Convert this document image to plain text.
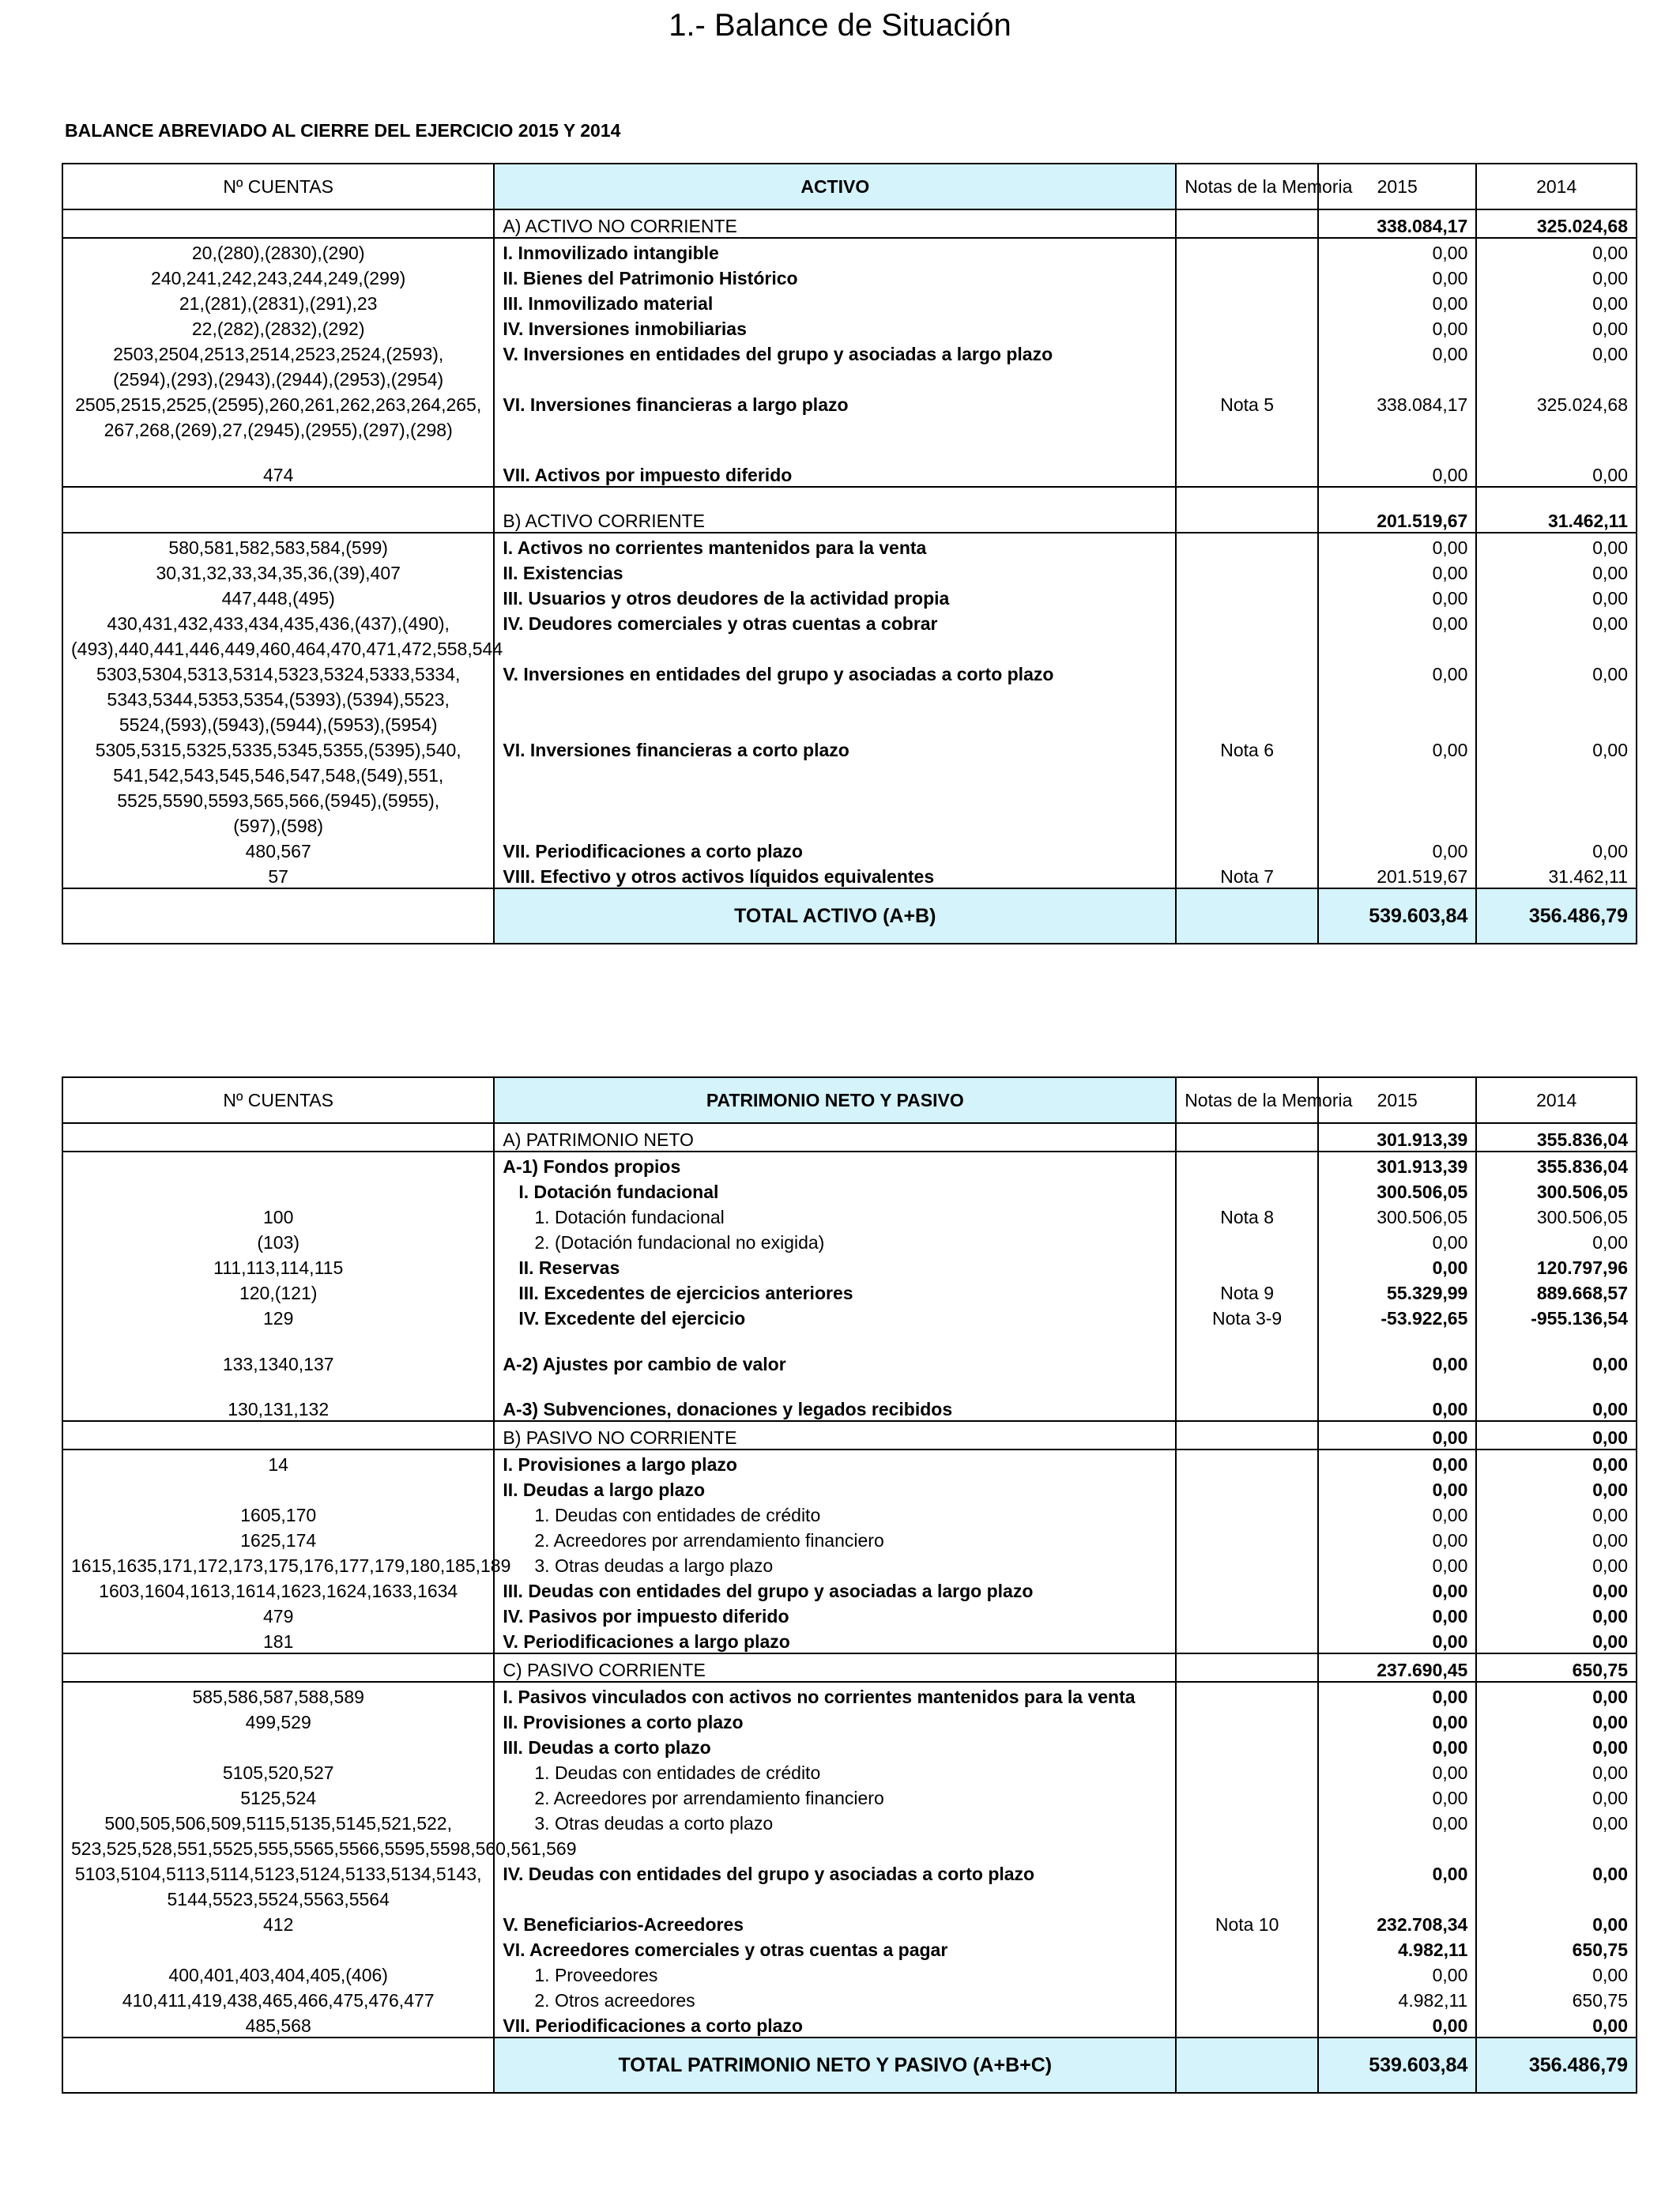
1.- Balance de Situación
BALANCE ABREVIADO AL CIERRE DEL EJERCICIO 2015 Y 2014
Nº CUENTAS	ACTIVO	Notas de la Memoria	2015	2014
	A) ACTIVO NO CORRIENTE		338.084,17	325.024,68
20,(280),(2830),(290)	I. Inmovilizado intangible		0,00	0,00
240,241,242,243,244,249,(299)	II. Bienes del Patrimonio Histórico		0,00	0,00
21,(281),(2831),(291),23	III. Inmovilizado material		0,00	0,00
22,(282),(2832),(292)	IV. Inversiones inmobiliarias		0,00	0,00
2503,2504,2513,2514,2523,2524,(2593),	V. Inversiones en entidades del grupo y asociadas a largo plazo		0,00	0,00
(2594),(293),(2943),(2944),(2953),(2954)				
2505,2515,2525,(2595),260,261,262,263,264,265,	VI. Inversiones financieras a largo plazo	Nota 5	338.084,17	325.024,68
267,268,(269),27,(2945),(2955),(297),(298)				
474	VII. Activos por impuesto diferido		0,00	0,00
	B) ACTIVO CORRIENTE		201.519,67	31.462,11
580,581,582,583,584,(599)	I. Activos no corrientes mantenidos para la venta		0,00	0,00
30,31,32,33,34,35,36,(39),407	II. Existencias		0,00	0,00
447,448,(495)	III. Usuarios y otros deudores de la actividad propia		0,00	0,00
430,431,432,433,434,435,436,(437),(490),	IV. Deudores comerciales y otras cuentas a cobrar		0,00	0,00
(493),440,441,446,449,460,464,470,471,472,558,544				
5303,5304,5313,5314,5323,5324,5333,5334,	V. Inversiones en entidades del grupo y asociadas a corto plazo		0,00	0,00
5343,5344,5353,5354,(5393),(5394),5523,				
5524,(593),(5943),(5944),(5953),(5954)				
5305,5315,5325,5335,5345,5355,(5395),540,	VI. Inversiones financieras a corto plazo	Nota 6	0,00	0,00
541,542,543,545,546,547,548,(549),551,				
5525,5590,5593,565,566,(5945),(5955),				
(597),(598)				
480,567	VII. Periodificaciones a corto plazo		0,00	0,00
57	VIII. Efectivo y otros activos líquidos equivalentes	Nota 7	201.519,67	31.462,11
	TOTAL ACTIVO (A+B)		539.603,84	356.486,79
Nº CUENTAS	PATRIMONIO NETO Y PASIVO	Notas de la Memoria	2015	2014
	A) PATRIMONIO NETO		301.913,39	355.836,04
	A-1) Fondos propios		301.913,39	355.836,04
	I. Dotación fundacional		300.506,05	300.506,05
100	1. Dotación fundacional	Nota 8	300.506,05	300.506,05
(103)	2. (Dotación fundacional no exigida)		0,00	0,00
111,113,114,115	II. Reservas		0,00	120.797,96
120,(121)	III. Excedentes de ejercicios anteriores	Nota 9	55.329,99	889.668,57
129	IV. Excedente del ejercicio	Nota 3-9	-53.922,65	-955.136,54
133,1340,137	A-2) Ajustes por cambio de valor		0,00	0,00
130,131,132	A-3) Subvenciones, donaciones y legados recibidos		0,00	0,00
	B) PASIVO NO CORRIENTE		0,00	0,00
14	I. Provisiones a largo plazo		0,00	0,00
	II. Deudas a largo plazo		0,00	0,00
1605,170	1. Deudas con entidades de crédito		0,00	0,00
1625,174	2. Acreedores por arrendamiento financiero		0,00	0,00
1615,1635,171,172,173,175,176,177,179,180,185,189	3. Otras deudas a largo plazo		0,00	0,00
1603,1604,1613,1614,1623,1624,1633,1634	III. Deudas con entidades del grupo y asociadas a largo plazo		0,00	0,00
479	IV. Pasivos por impuesto diferido		0,00	0,00
181	V. Periodificaciones a largo plazo		0,00	0,00
	C) PASIVO CORRIENTE		237.690,45	650,75
585,586,587,588,589	I. Pasivos vinculados con activos no corrientes mantenidos para la venta		0,00	0,00
499,529	II. Provisiones a corto plazo		0,00	0,00
	III. Deudas a corto plazo		0,00	0,00
5105,520,527	1. Deudas con entidades de crédito		0,00	0,00
5125,524	2. Acreedores por arrendamiento financiero		0,00	0,00
500,505,506,509,5115,5135,5145,521,522,	3. Otras deudas a corto plazo		0,00	0,00
523,525,528,551,5525,555,5565,5566,5595,5598,560,561,569				
5103,5104,5113,5114,5123,5124,5133,5134,5143,	IV. Deudas con entidades del grupo y asociadas a corto plazo		0,00	0,00
5144,5523,5524,5563,5564				
412	V. Beneficiarios-Acreedores	Nota 10	232.708,34	0,00
	VI. Acreedores comerciales y otras cuentas a pagar		4.982,11	650,75
400,401,403,404,405,(406)	1. Proveedores		0,00	0,00
410,411,419,438,465,466,475,476,477	2. Otros acreedores		4.982,11	650,75
485,568	VII. Periodificaciones a corto plazo		0,00	0,00
	TOTAL PATRIMONIO NETO Y PASIVO (A+B+C)		539.603,84	356.486,79
